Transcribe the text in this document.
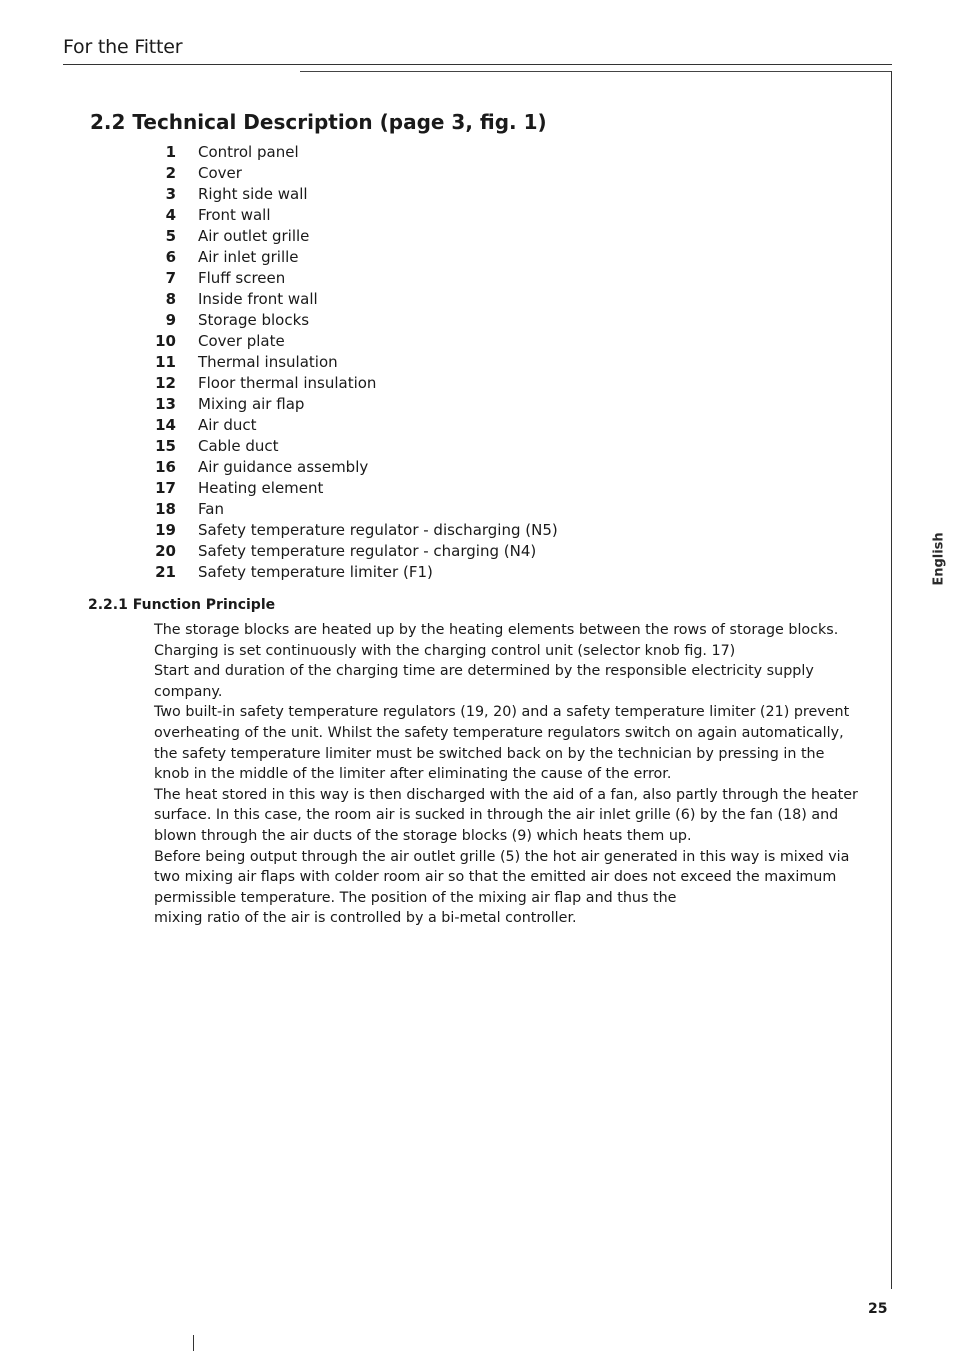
For the Fitter
2.2 Technical Description (page 3, fig. 1)
1	Control panel
2	Cover
3	Right side wall
4	Front wall
5	Air outlet grille
6	Air inlet grille
7	Fluff screen
8	Inside front wall
9	Storage blocks
10	Cover plate
11	Thermal insulation
12	Floor thermal insulation
13	Mixing air flap
14	Air duct
15	Cable duct
16	Air guidance assembly
17	Heating element
18	Fan
19	Safety temperature regulator - discharging (N5)
20	Safety temperature regulator - charging (N4)
21	Safety temperature limiter (F1)
2.2.1 Function Principle

The storage blocks are heated up by the heating elements between the rows of storage blocks.

Charging is set continuously with the charging control unit (selector knob fig. 17)

Start and duration of the charging time are determined by the responsible electricity supply company.

Two built-in safety temperature regulators (19, 20) and a safety temperature limiter (21) prevent overheating of the unit. Whilst the safety temperature regulators switch on again automatically, the safety temperature limiter must be switched back on by the technician by pressing in the knob in the middle of the limiter after eliminating the cause of the error.

The heat stored in this way is then discharged with the aid of a fan, also partly through the heater surface. In this case, the room air is sucked in through the air inlet grille (6) by the fan (18) and blown through the air ducts of the storage blocks (9) which heats them up.

Before being output through the air outlet grille (5) the hot air generated in this way is mixed via two mixing air flaps with colder room air so that the emitted air does not exceed the maximum permissible temperature. The position of the mixing air flap and thus the

mixing ratio of the air is controlled by a bi-metal controller.

English
25
